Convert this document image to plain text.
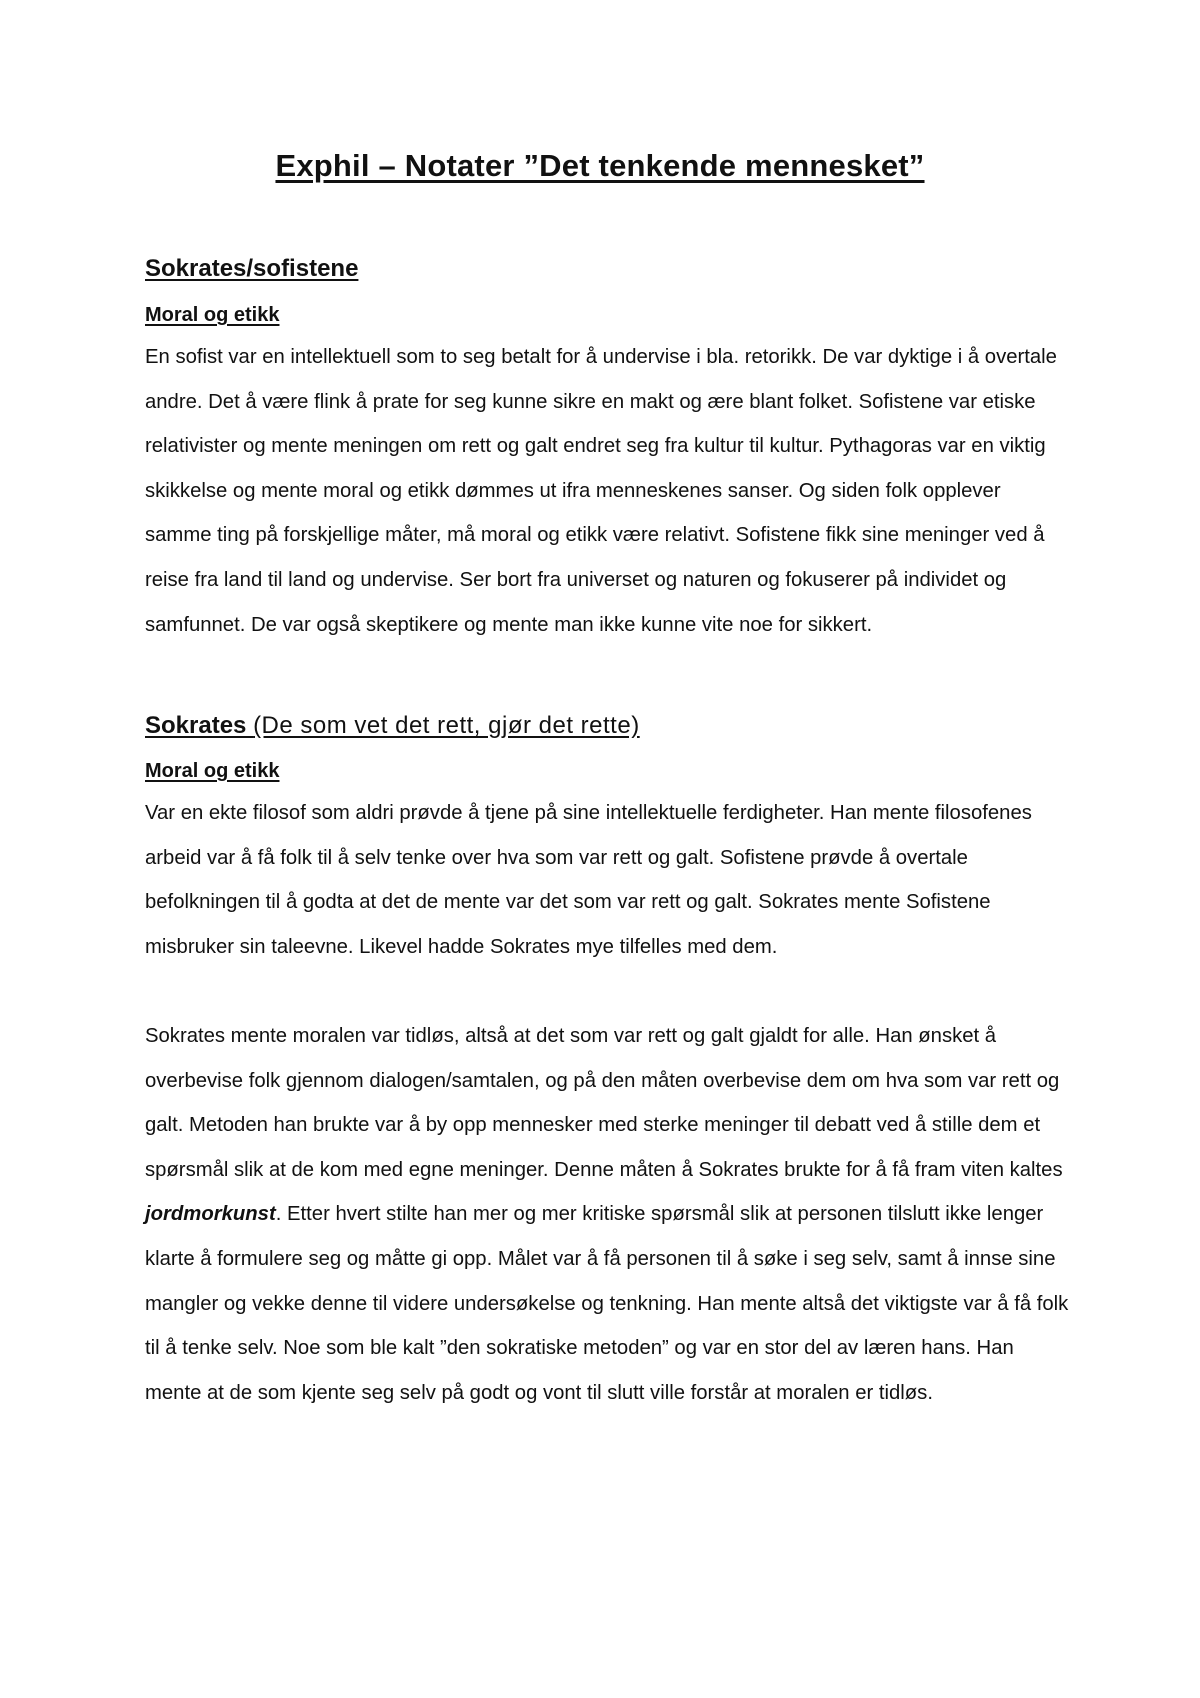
Exphil – Notater ”Det tenkende mennesket”
Sokrates/sofistene
Moral og etikk

En sofist var en intellektuell som to seg betalt for å undervise i bla. retorikk. De var dyktige i å overtale andre. Det å være flink å prate for seg kunne sikre en makt og ære blant folket. Sofistene var etiske relativister og mente meningen om rett og galt endret seg fra kultur til kultur. Pythagoras var en viktig skikkelse og mente moral og etikk dømmes ut ifra menneskenes sanser. Og siden folk opplever samme ting på forskjellige måter, må moral og etikk være relativt. Sofistene fikk sine meninger ved å reise fra land til land og undervise. Ser bort fra universet og naturen og fokuserer på individet og samfunnet. De var også skeptikere og mente man ikke kunne vite noe for sikkert.

Sokrates (De som vet det rett, gjør det rette)
Moral og etikk

Var en ekte filosof som aldri prøvde å tjene på sine intellektuelle ferdigheter. Han mente filosofenes arbeid var å få folk til å selv tenke over hva som var rett og galt. Sofistene prøvde å overtale befolkningen til å godta at det de mente var det som var rett og galt. Sokrates mente Sofistene misbruker sin taleevne. Likevel hadde Sokrates mye tilfelles med dem.

Sokrates mente moralen var tidløs, altså at det som var rett og galt gjaldt for alle. Han ønsket å overbevise folk gjennom dialogen/samtalen, og på den måten overbevise dem om hva som var rett og galt. Metoden han brukte var å by opp mennesker med sterke meninger til debatt ved å stille dem et spørsmål slik at de kom med egne meninger. Denne måten å Sokrates brukte for å få fram viten kaltes jordmorkunst. Etter hvert stilte han mer og mer kritiske spørsmål slik at personen tilslutt ikke lenger klarte å formulere seg og måtte gi opp. Målet var å få personen til å søke i seg selv, samt å innse sine mangler og vekke denne til videre undersøkelse og tenkning. Han mente altså det viktigste var å få folk til å tenke selv. Noe som ble kalt ”den sokratiske metoden” og var en stor del av læren hans. Han mente at de som kjente seg selv på godt og vont til slutt ville forstår at moralen er tidløs.
